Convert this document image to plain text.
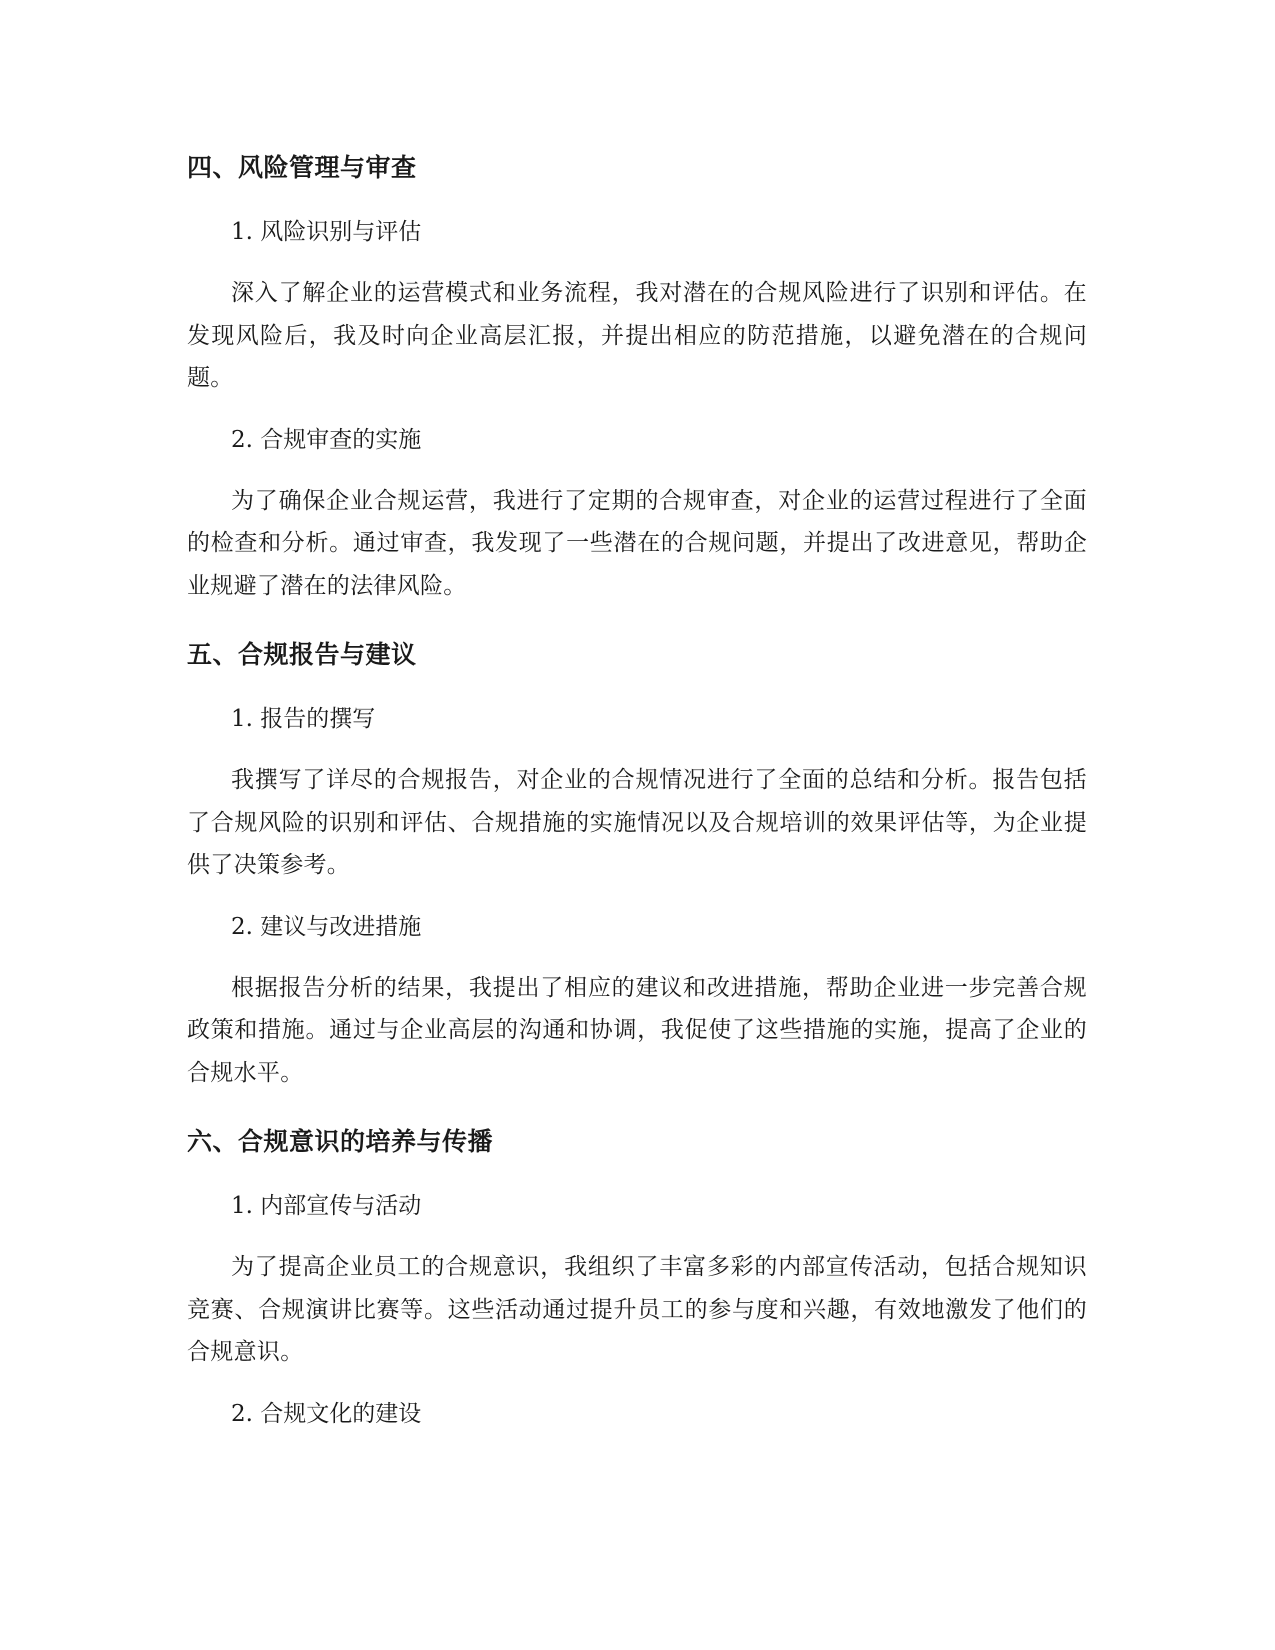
四、风险管理与审查

1. 风险识别与评估

深入了解企业的运营模式和业务流程，我对潜在的合规风险进行了识别和评估。在发现风险后，我及时向企业高层汇报，并提出相应的防范措施，以避免潜在的合规问题。

2. 合规审查的实施

为了确保企业合规运营，我进行了定期的合规审查，对企业的运营过程进行了全面的检查和分析。通过审查，我发现了一些潜在的合规问题，并提出了改进意见，帮助企业规避了潜在的法律风险。

五、合规报告与建议

1. 报告的撰写

我撰写了详尽的合规报告，对企业的合规情况进行了全面的总结和分析。报告包括了合规风险的识别和评估、合规措施的实施情况以及合规培训的效果评估等，为企业提供了决策参考。

2. 建议与改进措施

根据报告分析的结果，我提出了相应的建议和改进措施，帮助企业进一步完善合规政策和措施。通过与企业高层的沟通和协调，我促使了这些措施的实施，提高了企业的合规水平。

六、合规意识的培养与传播

1. 内部宣传与活动

为了提高企业员工的合规意识，我组织了丰富多彩的内部宣传活动，包括合规知识竞赛、合规演讲比赛等。这些活动通过提升员工的参与度和兴趣，有效地激发了他们的合规意识。

2. 合规文化的建设
